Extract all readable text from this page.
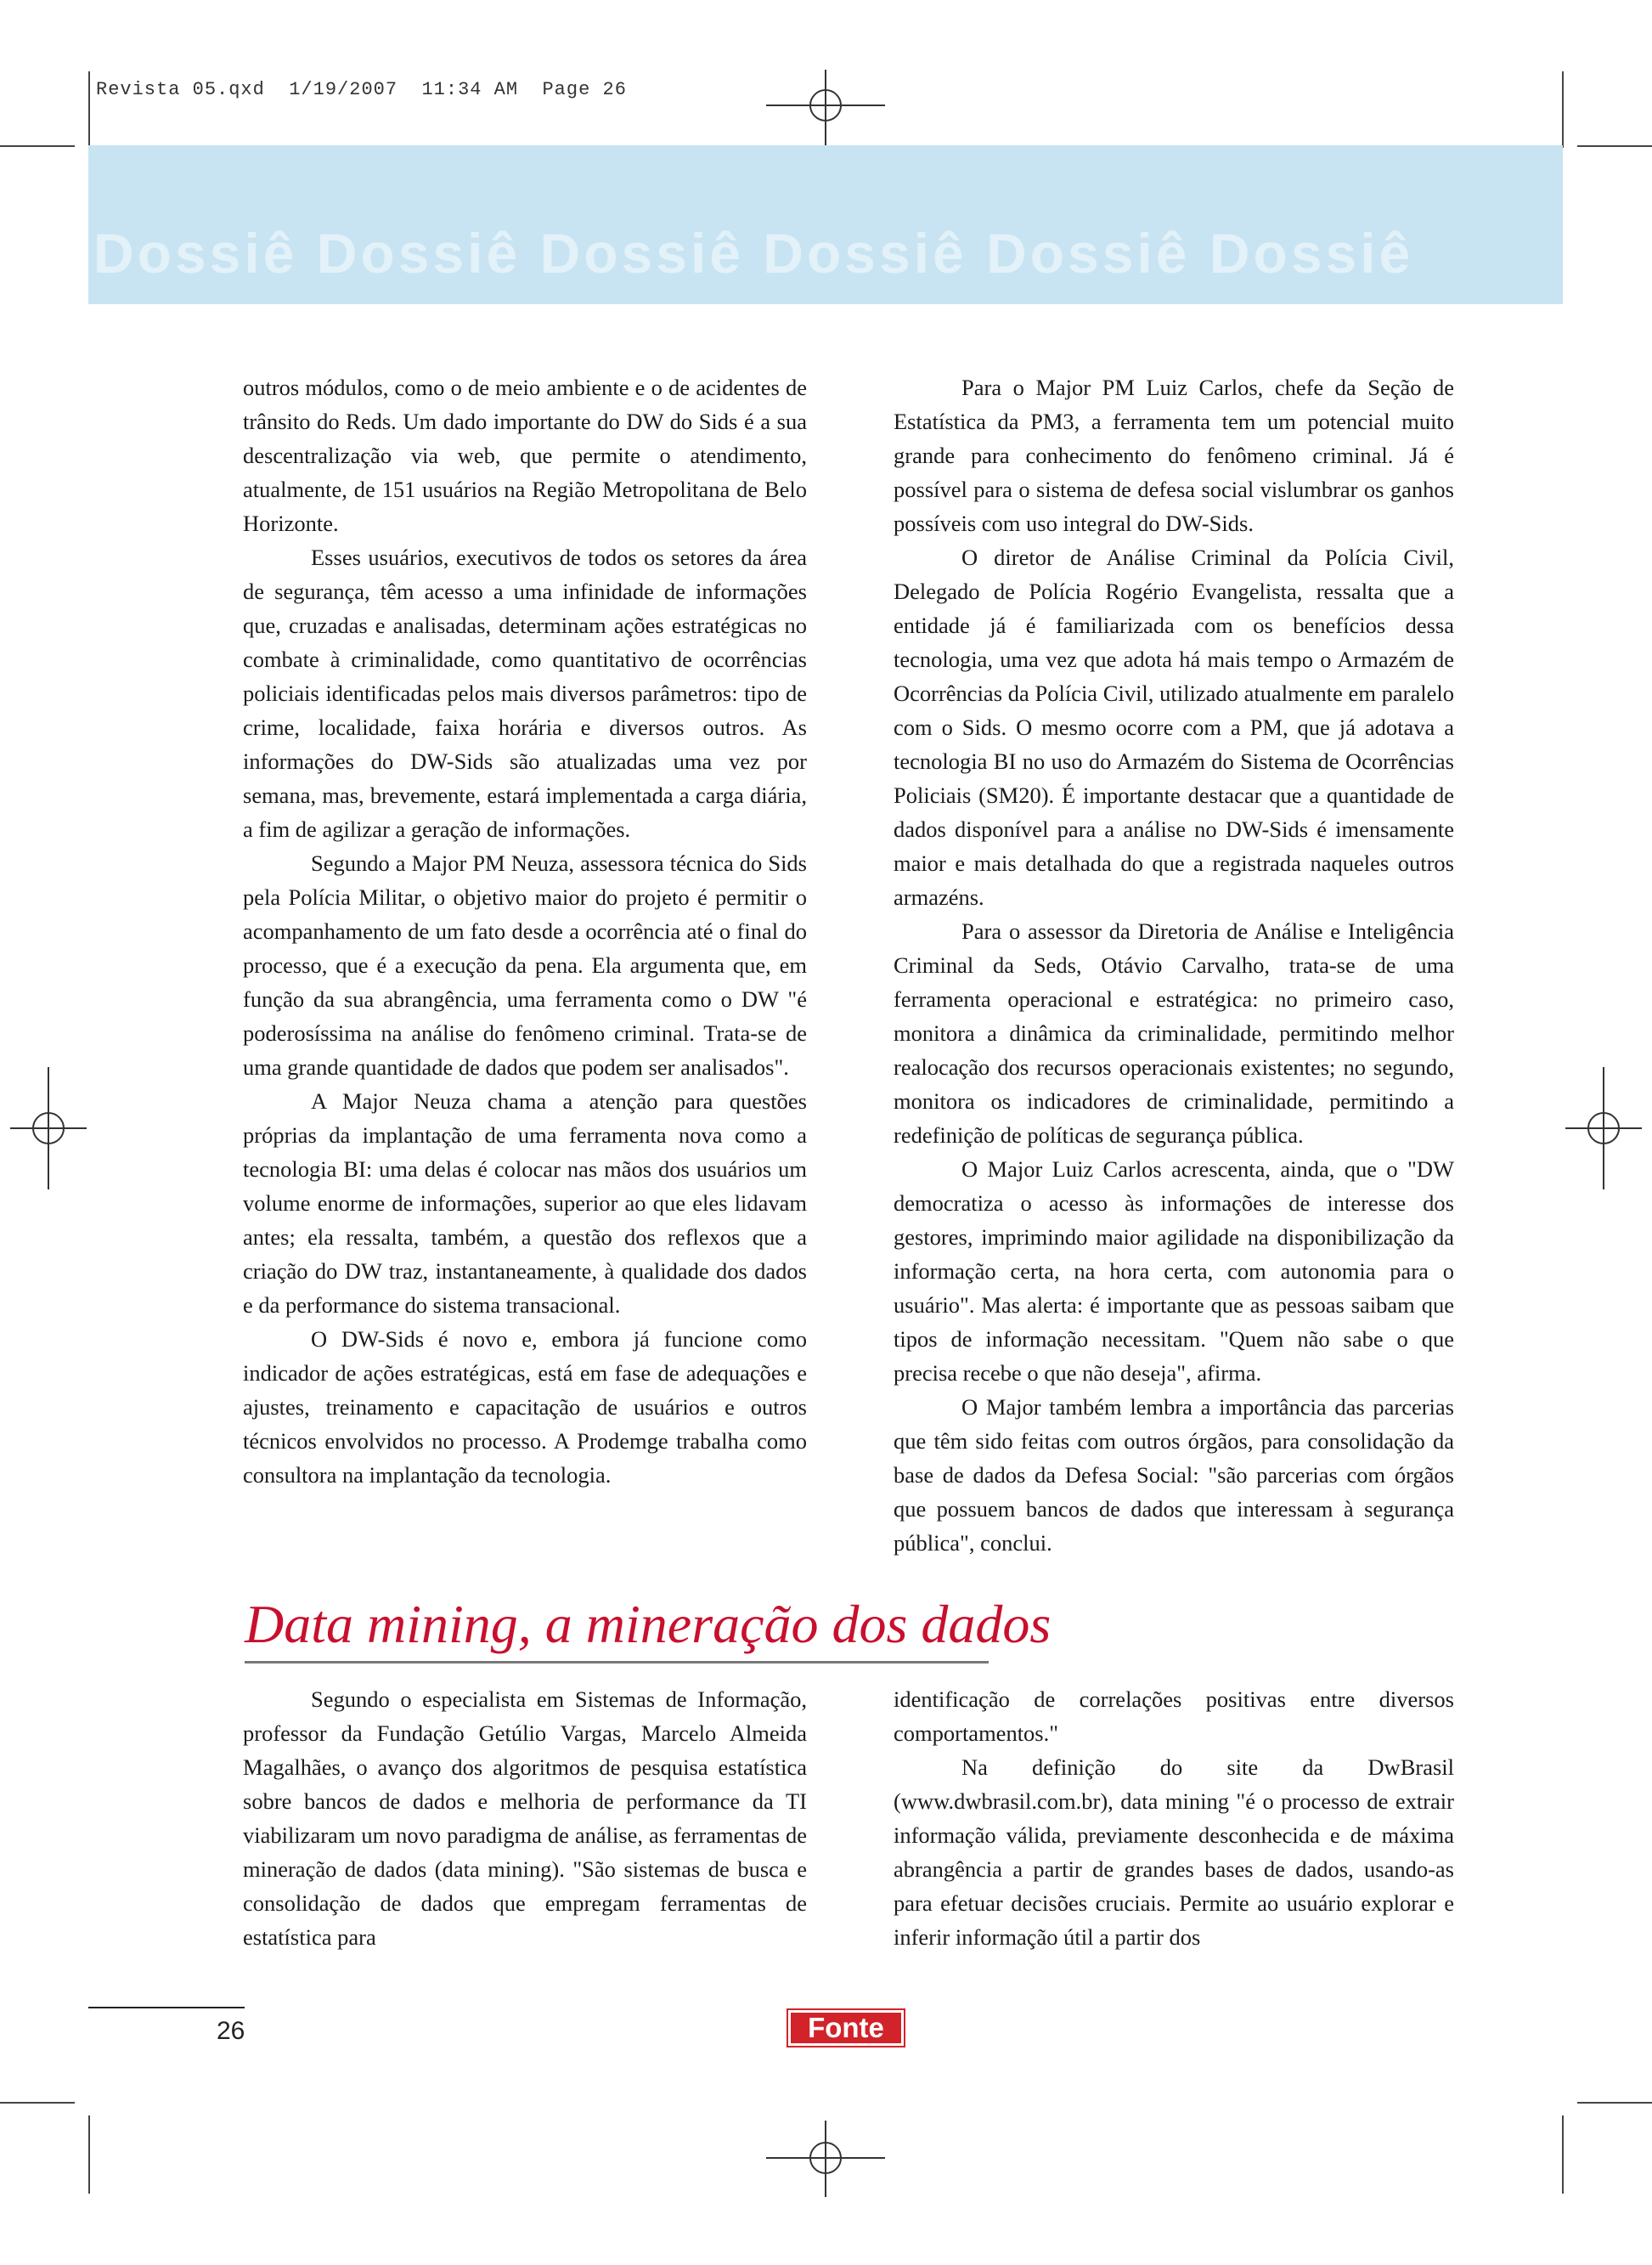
Revista 05.qxd  1/19/2007  11:34 AM  Page 26
Dossiê Dossiê Dossiê Dossiê Dossiê Dossiê

outros módulos, como o de meio ambiente e o de acidentes de trânsito do Reds. Um dado importante do DW do Sids é a sua descentralização via web, que permite o atendimento, atualmente, de 151 usuários na Região Metropolitana de Belo Horizonte.

Esses usuários, executivos de todos os setores da área de segurança, têm acesso a uma infinidade de informações que, cruzadas e analisadas, determinam ações estratégicas no combate à criminalidade, como quantitativo de ocorrências policiais identificadas pelos mais diversos parâmetros: tipo de crime, localidade, faixa horária e diversos outros. As informações do DW-Sids são atualizadas uma vez por semana, mas, brevemente, estará implementada a carga diária, a fim de agilizar a geração de informações.

Segundo a Major PM Neuza, assessora técnica do Sids pela Polícia Militar, o objetivo maior do projeto é permitir o acompanhamento de um fato desde a ocorrência até o final do processo, que é a execução da pena. Ela argumenta que, em função da sua abrangência, uma ferramenta como o DW "é poderosíssima na análise do fenômeno criminal. Trata-se de uma grande quantidade de dados que podem ser analisados".

A Major Neuza chama a atenção para questões próprias da implantação de uma ferramenta nova como a tecnologia BI: uma delas é colocar nas mãos dos usuários um volume enorme de informações, superior ao que eles lidavam antes; ela ressalta, também, a questão dos reflexos que a criação do DW traz, instantaneamente, à qualidade dos dados e da performance do sistema transacional.

O DW-Sids é novo e, embora já funcione como indicador de ações estratégicas, está em fase de adequações e ajustes, treinamento e capacitação de usuários e outros técnicos envolvidos no processo. A Prodemge trabalha como consultora na implantação da tecnologia.

Para o Major PM Luiz Carlos, chefe da Seção de Estatística da PM3, a ferramenta tem um potencial muito grande para conhecimento do fenômeno criminal. Já é possível para o sistema de defesa social vislumbrar os ganhos possíveis com uso integral do DW-Sids.

O diretor de Análise Criminal da Polícia Civil, Delegado de Polícia Rogério Evangelista, ressalta que a entidade já é familiarizada com os benefícios dessa tecnologia, uma vez que adota há mais tempo o Armazém de Ocorrências da Polícia Civil, utilizado atualmente em paralelo com o Sids. O mesmo ocorre com a PM, que já adotava a tecnologia BI no uso do Armazém do Sistema de Ocorrências Policiais (SM20). É importante destacar que a quantidade de dados disponível para a análise no DW-Sids é imensamente maior e mais detalhada do que a registrada naqueles outros armazéns.

Para o assessor da Diretoria de Análise e Inteligência Criminal da Seds, Otávio Carvalho, trata-se de uma ferramenta operacional e estratégica: no primeiro caso, monitora a dinâmica da criminalidade, permitindo melhor realocação dos recursos operacionais existentes; no segundo, monitora os indicadores de criminalidade, permitindo a redefinição de políticas de segurança pública.

O Major Luiz Carlos acrescenta, ainda, que o "DW democratiza o acesso às informações de interesse dos gestores, imprimindo maior agilidade na disponibilização da informação certa, na hora certa, com autonomia para o usuário". Mas alerta: é importante que as pessoas saibam que tipos de informação necessitam. "Quem não sabe o que precisa recebe o que não deseja", afirma.

O Major também lembra a importância das parcerias que têm sido feitas com outros órgãos, para consolidação da base de dados da Defesa Social: "são parcerias com órgãos que possuem bancos de dados que interessam à segurança pública", conclui.

Data mining, a mineração dos dados

Segundo o especialista em Sistemas de Informação, professor da Fundação Getúlio Vargas, Marcelo Almeida Magalhães, o avanço dos algoritmos de pesquisa estatística sobre bancos de dados e melhoria de performance da TI viabilizaram um novo paradigma de análise, as ferramentas de mineração de dados (data mining). "São sistemas de busca e consolidação de dados que empregam ferramentas de estatística para

identificação de correlações positivas entre diversos comportamentos."

Na definição do site da DwBrasil (www.dwbrasil.com.br), data mining "é o processo de extrair informação válida, previamente desconhecida e de máxima abrangência a partir de grandes bases de dados, usando-as para efetuar decisões cruciais. Permite ao usuário explorar e inferir informação útil a partir dos

26	Fonte
